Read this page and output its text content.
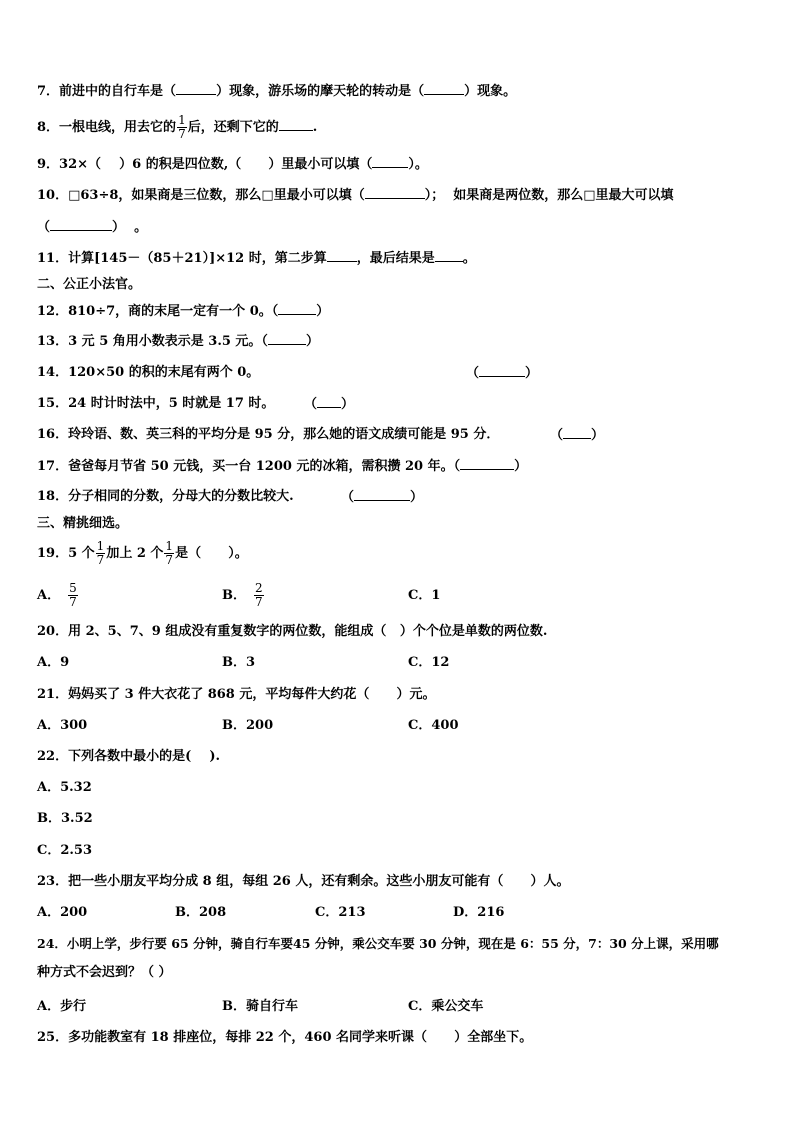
7．前进中的自行车是（	）现象，游乐场的摩天轮的转动是（	）现象。
8．一根电线，用去它的 $\frac{1}{7}$ 后，还剩下它的	.
9．32×（    ）6 的积是四位数,（      ）里最小可以填（	）。
10．□63÷8，如果商是三位数，那么□里最小可以填（	）；  如果商是两位数，那么□里最大可以填
（	）  。
11．计算[145－（85＋21）]×12 时，第二步算 ，最后结果是 。
二、公正小法官。
12．810÷7，商的末尾一定有一个 0。（	）
13．3 元 5 角用小数表示是 3.5 元。（	）
14．120×50 的积的末尾有两个 0。	（	）
15．24 时计时法中，5 时就是 17 时。 （ ）
16．玲玲语、数、英三科的平均分是 95 分，那么她的语文成绩可能是 95 分．	（ ）
17．爸爸每月节省 50 元钱，买一台 1200 元的冰箱，需积攒 20 年。（	）
18．分子相同的分数，分母大的分数比较大.	（	）
三、精挑细选。
19．5 个 $\frac{1}{7}$ 加上 2 个 $\frac{1}{7}$ 是（      ）。
A． $\frac{5}{7}$	B． $\frac{2}{7}$	C．1
20．用 2、5、7、9 组成没有重复数字的两位数，能组成（   ）个个位是单数的两位数.
A．9	B．3	C．12
21．妈妈买了 3 件大衣花了 868 元，平均每件大约花（      ）元。
A．300	B．200	C．400
22．下列各数中最小的是(    ).
A．5.32
B．3.52
C．2.53
23．把一些小朋友平均分成 8 组，每组 26 人，还有剩余。这些小朋友可能有（      ）人。
A．200	B．208	C．213	D．216
24．小明上学，步行要 65 分钟，骑自行车要45 分钟，乘公交车要 30 分钟，现在是 6：55 分，7：30 分上课，采用哪
种方式不会迟到？（ ）
A．步行	B．骑自行车	C．乘公交车
25．多功能教室有 18 排座位，每排 22 个，460 名同学来听课（      ）全部坐下。
